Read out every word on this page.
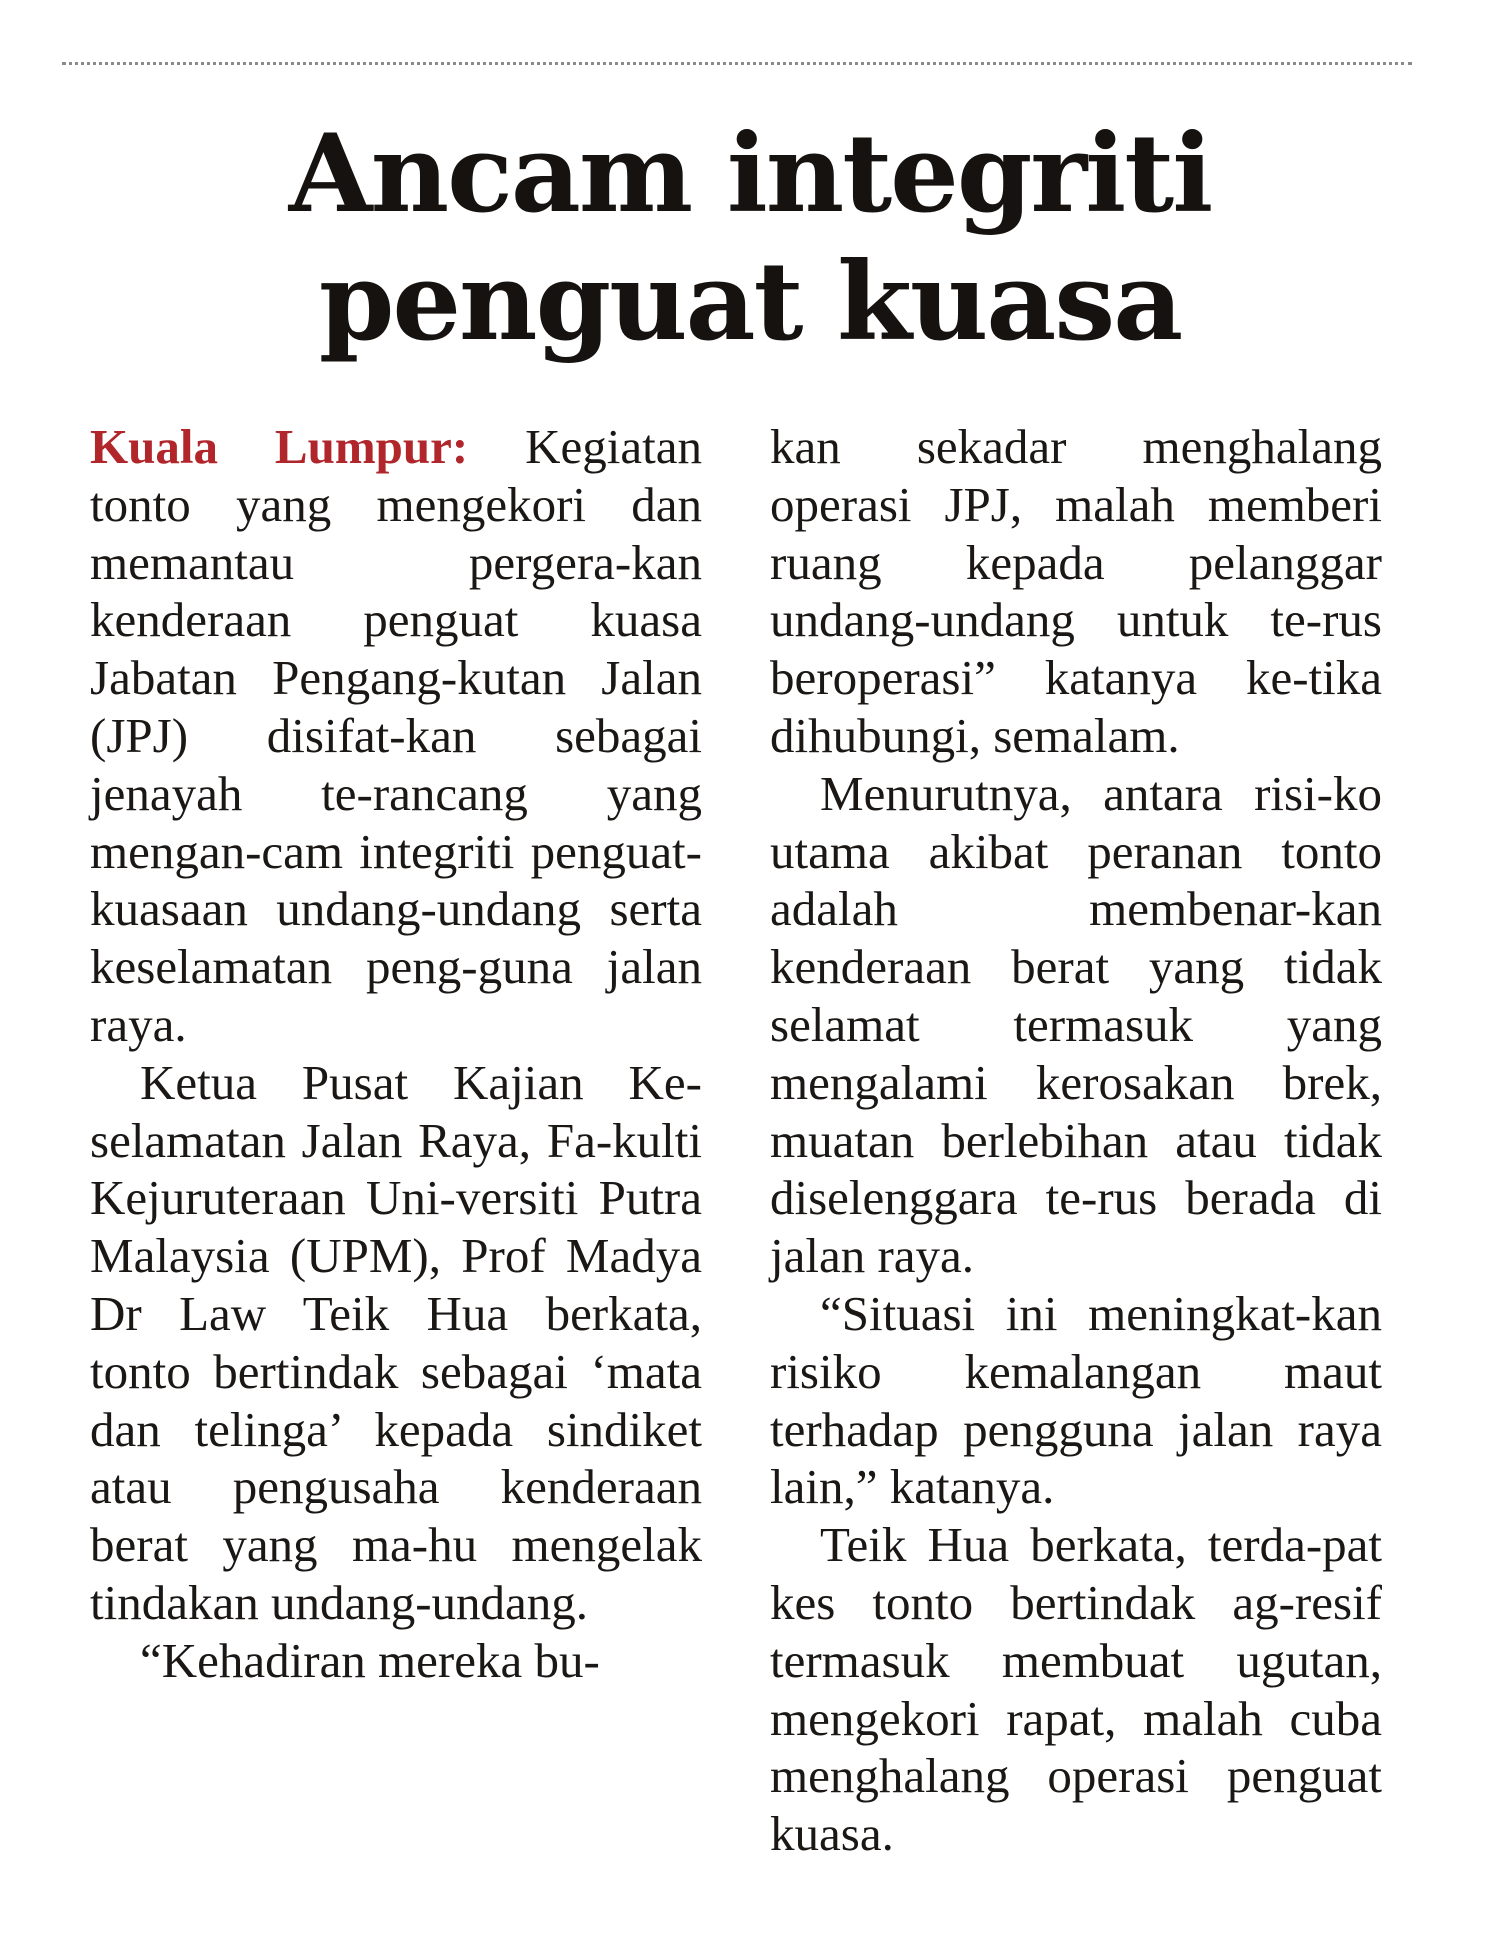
Ancam integriti
penguat kuasa

Kuala Lumpur: Kegiatan tonto yang mengekori dan memantau pergera-kan kenderaan penguat kuasa Jabatan Pengang-kutan Jalan (JPJ) disifat-kan sebagai jenayah te-rancang yang mengan-cam integriti penguat-kuasaan undang-undang serta keselamatan peng-guna jalan raya.

Ketua Pusat Kajian Ke-selamatan Jalan Raya, Fa-kulti Kejuruteraan Uni-versiti Putra Malaysia (UPM), Prof Madya Dr Law Teik Hua berkata, tonto bertindak sebagai ‘mata dan telinga’ kepada sindiket atau pengusaha kenderaan berat yang ma-hu mengelak tindakan undang-undang.

“Kehadiran mereka bu-

kan sekadar menghalang operasi JPJ, malah memberi ruang kepada pelanggar undang-undang untuk te-rus beroperasi” katanya ke-tika dihubungi, semalam.

Menurutnya, antara risi-ko utama akibat peranan tonto adalah membenar-kan kenderaan berat yang tidak selamat termasuk yang mengalami kerosakan brek, muatan berlebihan atau tidak diselenggara te-rus berada di jalan raya.

“Situasi ini meningkat-kan risiko kemalangan maut terhadap pengguna jalan raya lain,” katanya.

Teik Hua berkata, terda-pat kes tonto bertindak ag-resif termasuk membuat ugutan, mengekori rapat, malah cuba menghalang operasi penguat kuasa.
